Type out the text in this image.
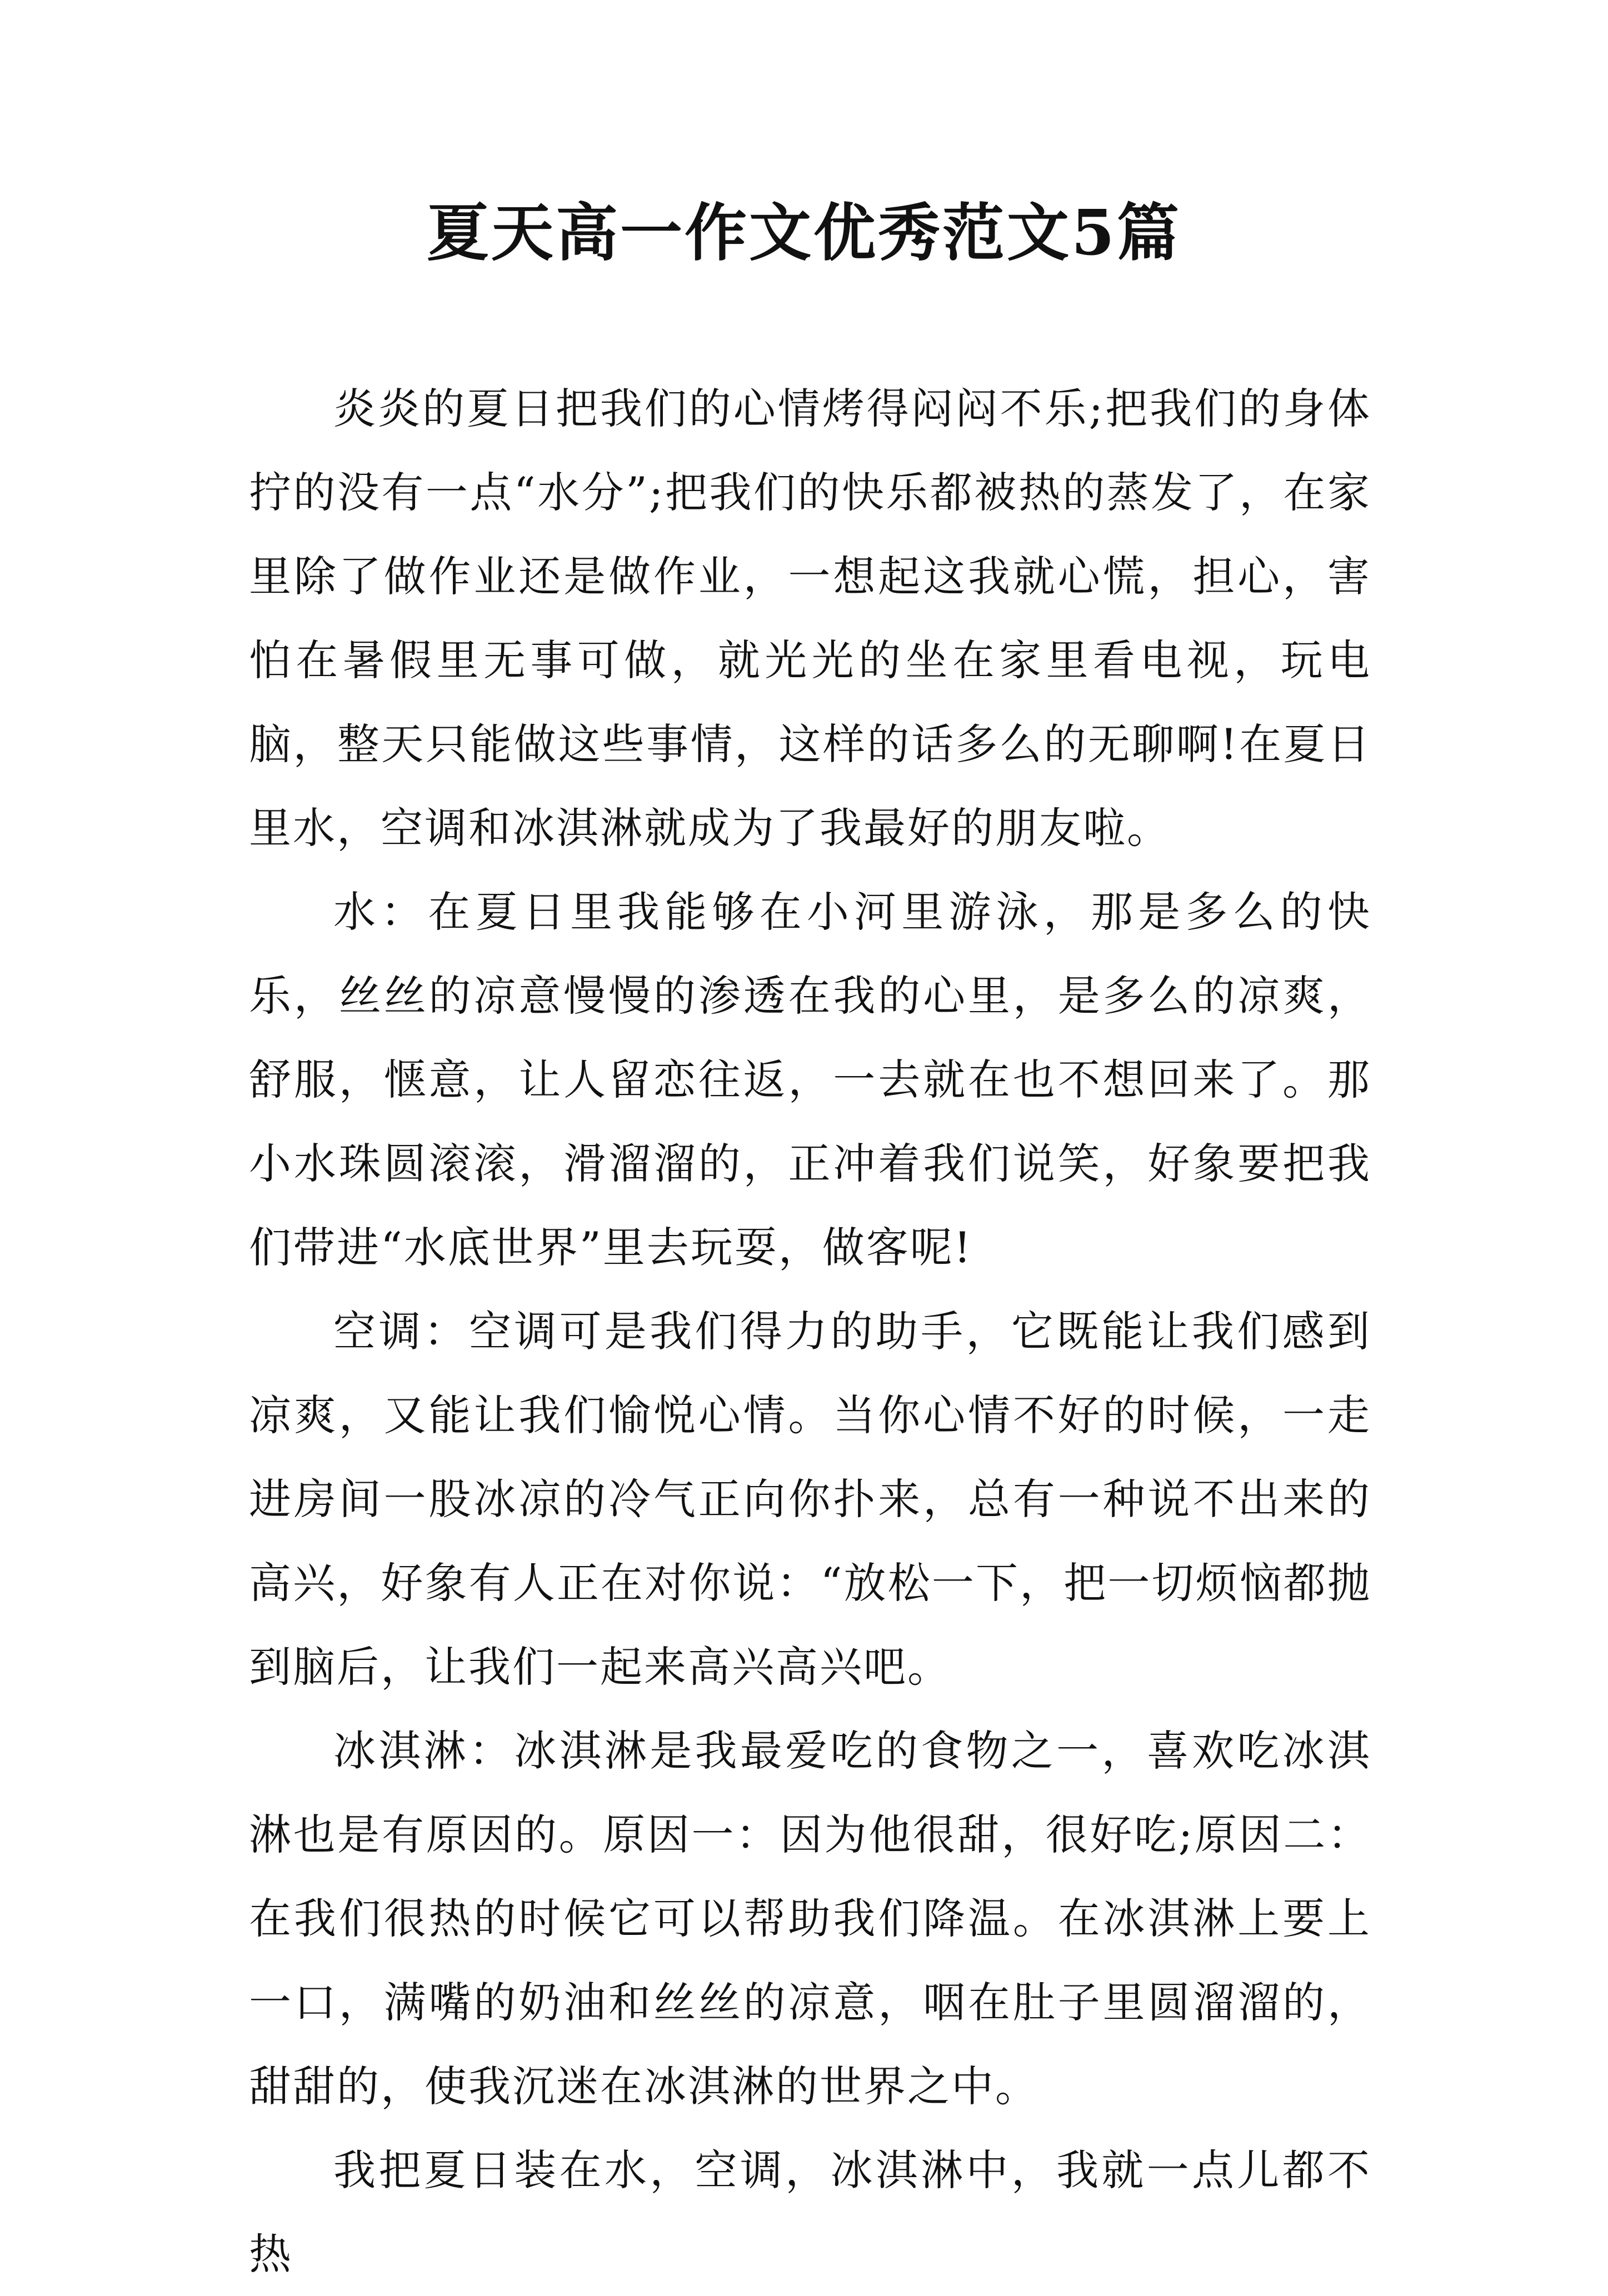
夏天高一作文优秀范文5篇

炎炎的夏日把我们的心情烤得闷闷不乐;把我们的身体拧的没有一点“水分”;把我们的快乐都被热的蒸发了，在家里除了做作业还是做作业，一想起这我就心慌，担心，害怕在暑假里无事可做，就光光的坐在家里看电视，玩电脑，整天只能做这些事情，这样的话多么的无聊啊!在夏日里水，空调和冰淇淋就成为了我最好的朋友啦。

水：在夏日里我能够在小河里游泳，那是多么的快乐，丝丝的凉意慢慢的渗透在我的心里，是多么的凉爽，舒服，惬意，让人留恋往返，一去就在也不想回来了。那小水珠圆滚滚，滑溜溜的，正冲着我们说笑，好象要把我们带进“水底世界”里去玩耍，做客呢!

空调：空调可是我们得力的助手，它既能让我们感到凉爽，又能让我们愉悦心情。当你心情不好的时候，一走进房间一股冰凉的冷气正向你扑来，总有一种说不出来的高兴，好象有人正在对你说：“放松一下，把一切烦恼都抛到脑后，让我们一起来高兴高兴吧。

冰淇淋：冰淇淋是我最爱吃的食物之一，喜欢吃冰淇淋也是有原因的。原因一：因为他很甜，很好吃;原因二：在我们很热的时候它可以帮助我们降温。在冰淇淋上要上一口，满嘴的奶油和丝丝的凉意，咽在肚子里圆溜溜的，甜甜的，使我沉迷在冰淇淋的世界之中。

我把夏日装在水，空调，冰淇淋中，我就一点儿都不热
